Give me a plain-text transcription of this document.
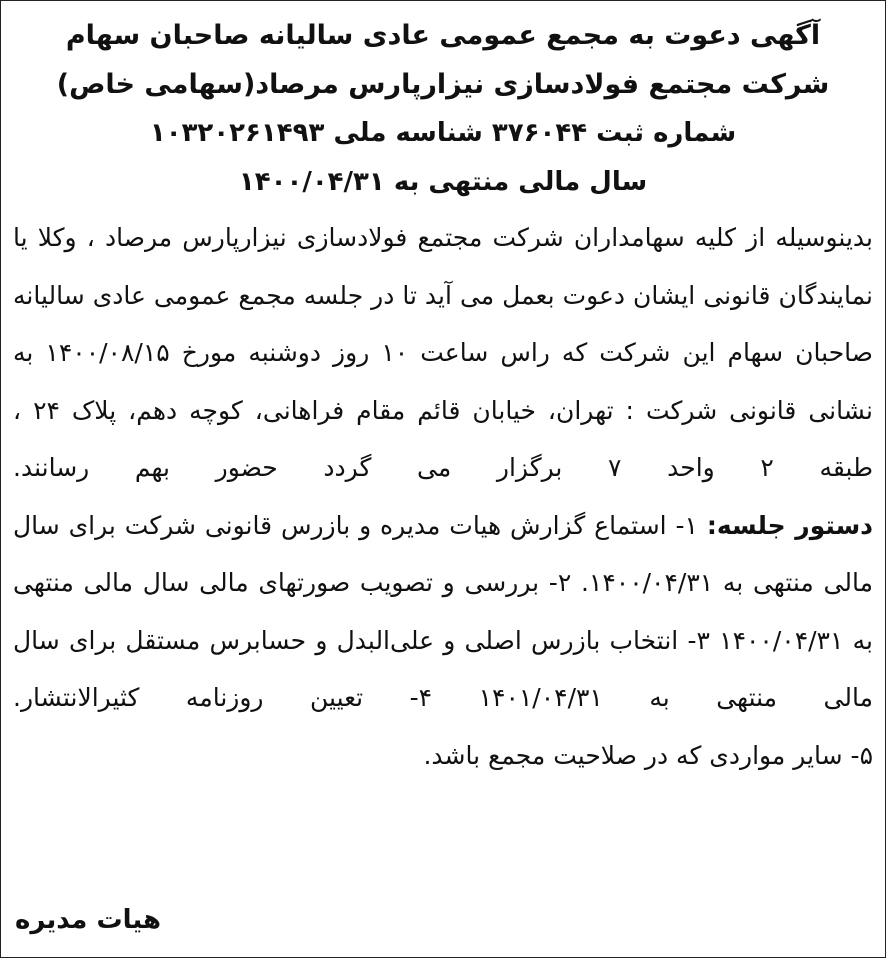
آگهی دعوت به مجمع عمومی عادی سالیانه صاحبان سهام
شرکت مجتمع فولادسازی نیزارپارس مرصاد(سهامی خاص)
شماره ثبت ۳۷۶۰۴۴ شناسه ملی ۱۰۳۲۰۲۶۱۴۹۳
سال مالی منتهی به ۱۴۰۰/۰۴/۳۱
بدینوسیله از کلیه سهامداران شرکت مجتمع فولادسازی نیزارپارس مرصاد ، وکلا یا نمایندگان قانونی ایشان دعوت بعمل می آید تا در جلسه مجمع عمومی عادی سالیانه صاحبان سهام این شرکت که راس ساعت ۱۰ روز دوشنبه مورخ ۱۴۰۰/۰۸/۱۵ به نشانی قانونی شرکت : تهران، خیابان قائم مقام فراهانی، کوچه دهم، پلاک ۲۴ ، طبقه ۲ واحد ۷ برگزار می گردد حضور بهم رسانند.
دستور جلسه: ۱- استماع گزارش هیات مدیره و بازرس قانونی شرکت برای سال مالی منتهی به ۱۴۰۰/۰۴/۳۱. ۲- بررسی و تصویب صورتهای مالی سال مالی منتهی به ۱۴۰۰/۰۴/۳۱ ۳- انتخاب بازرس اصلی و علی‌البدل و حسابرس مستقل برای سال مالی منتهی به ۱۴۰۱/۰۴/۳۱ ۴- تعیین روزنامه کثیرالانتشار.
۵- سایر مواردی که در صلاحیت مجمع باشد.
هیات مدیره
